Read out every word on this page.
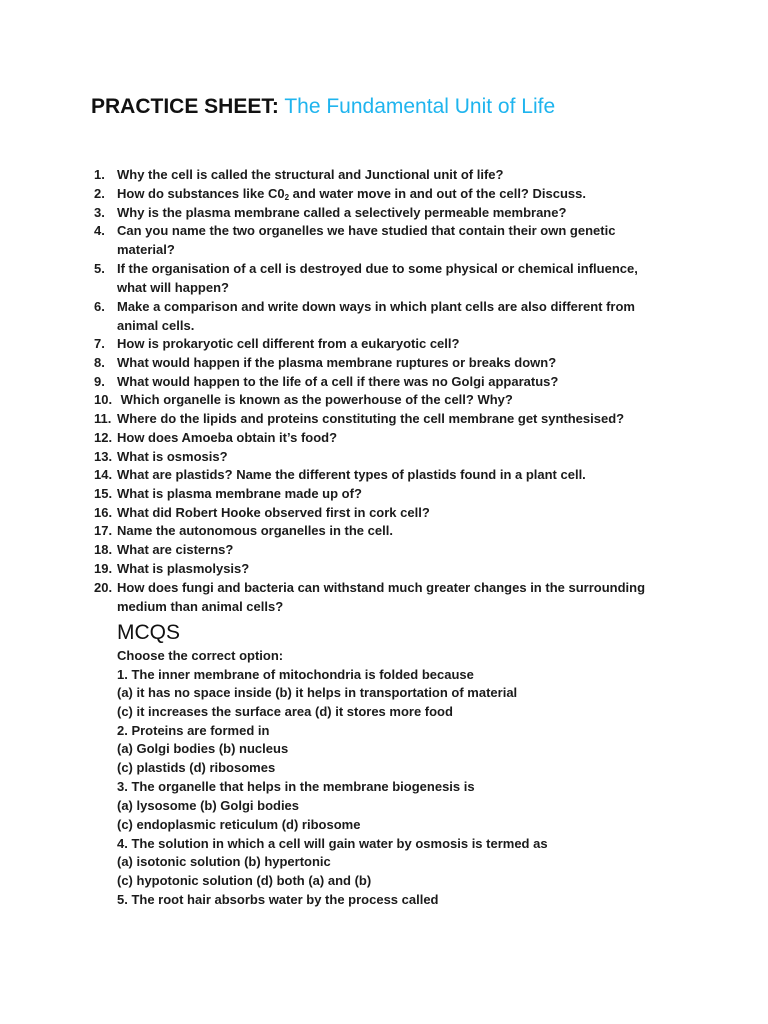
PRACTICE SHEET: The Fundamental Unit of Life
1. Why the cell is called the structural and Junctional unit of life?
2. How do substances like $C0_2$ and water move in and out of the cell? Discuss.
3. Why is the plasma membrane called a selectively permeable membrane?
4. Can you name the two organelles we have studied that contain their own genetic
material?
5. If the organisation of a cell is destroyed due to some physical or chemical influence,
what will happen?
6. Make a comparison and write down ways in which plant cells are also different from
animal cells.
7. How is prokaryotic cell different from a eukaryotic cell?
8. What would happen if the plasma membrane ruptures or breaks down?
9. What would happen to the life of a cell if there was no Golgi apparatus?
10. Which organelle is known as the powerhouse of the cell? Why?
11. Where do the lipids and proteins constituting the cell membrane get synthesised?
12. How does Amoeba obtain it’s food?
13. What is osmosis?
14. What are plastids? Name the different types of plastids found in a plant cell.
15. What is plasma membrane made up of?
16. What did Robert Hooke observed first in cork cell?
17. Name the autonomous organelles in the cell.
18. What are cisterns?
19. What is plasmolysis?
20. How does fungi and bacteria can withstand much greater changes in the surrounding
medium than animal cells?
MCQS
Choose the correct option:
1. The inner membrane of mitochondria is folded because
(a) it has no space inside (b) it helps in transportation of material
(c) it increases the surface area (d) it stores more food
2. Proteins are formed in
(a) Golgi bodies (b) nucleus
(c) plastids (d) ribosomes
3. The organelle that helps in the membrane biogenesis is
(a) lysosome (b) Golgi bodies
(c) endoplasmic reticulum (d) ribosome
4. The solution in which a cell will gain water by osmosis is termed as
(a) isotonic solution (b) hypertonic
(c) hypotonic solution (d) both (a) and (b)
5. The root hair absorbs water by the process called
